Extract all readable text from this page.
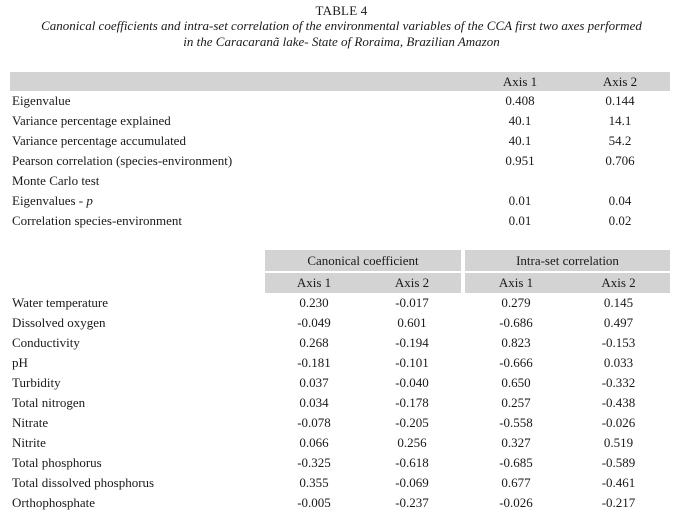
TABLE 4
Canonical coefficients and intra-set correlation of the environmental variables of the CCA first two axes performed
in the Caracaranã lake- State of Roraima, Brazilian Amazon
	Axis 1	Axis 2
Eigenvalue	0.408	0.144
Variance percentage explained	40.1	14.1
Variance percentage accumulated	40.1	54.2
Pearson correlation (species-environment)	0.951	0.706
Monte Carlo test		
Eigenvalues - p	0.01	0.04
Correlation species-environment	0.01	0.02
	Canonical coefficient			Intra-set correlation	
	Axis 1	Axis 2		Axis 1	Axis 2
Water temperature	0.230	-0.017		0.279	0.145
Dissolved oxygen	-0.049	0.601		-0.686	0.497
Conductivity	0.268	-0.194		0.823	-0.153
pH	-0.181	-0.101		-0.666	0.033
Turbidity	0.037	-0.040		0.650	-0.332
Total nitrogen	0.034	-0.178		0.257	-0.438
Nitrate	-0.078	-0.205		-0.558	-0.026
Nitrite	0.066	0.256		0.327	0.519
Total phosphorus	-0.325	-0.618		-0.685	-0.589
Total dissolved phosphorus	0.355	-0.069		0.677	-0.461
Orthophosphate	-0.005	-0.237		-0.026	-0.217
